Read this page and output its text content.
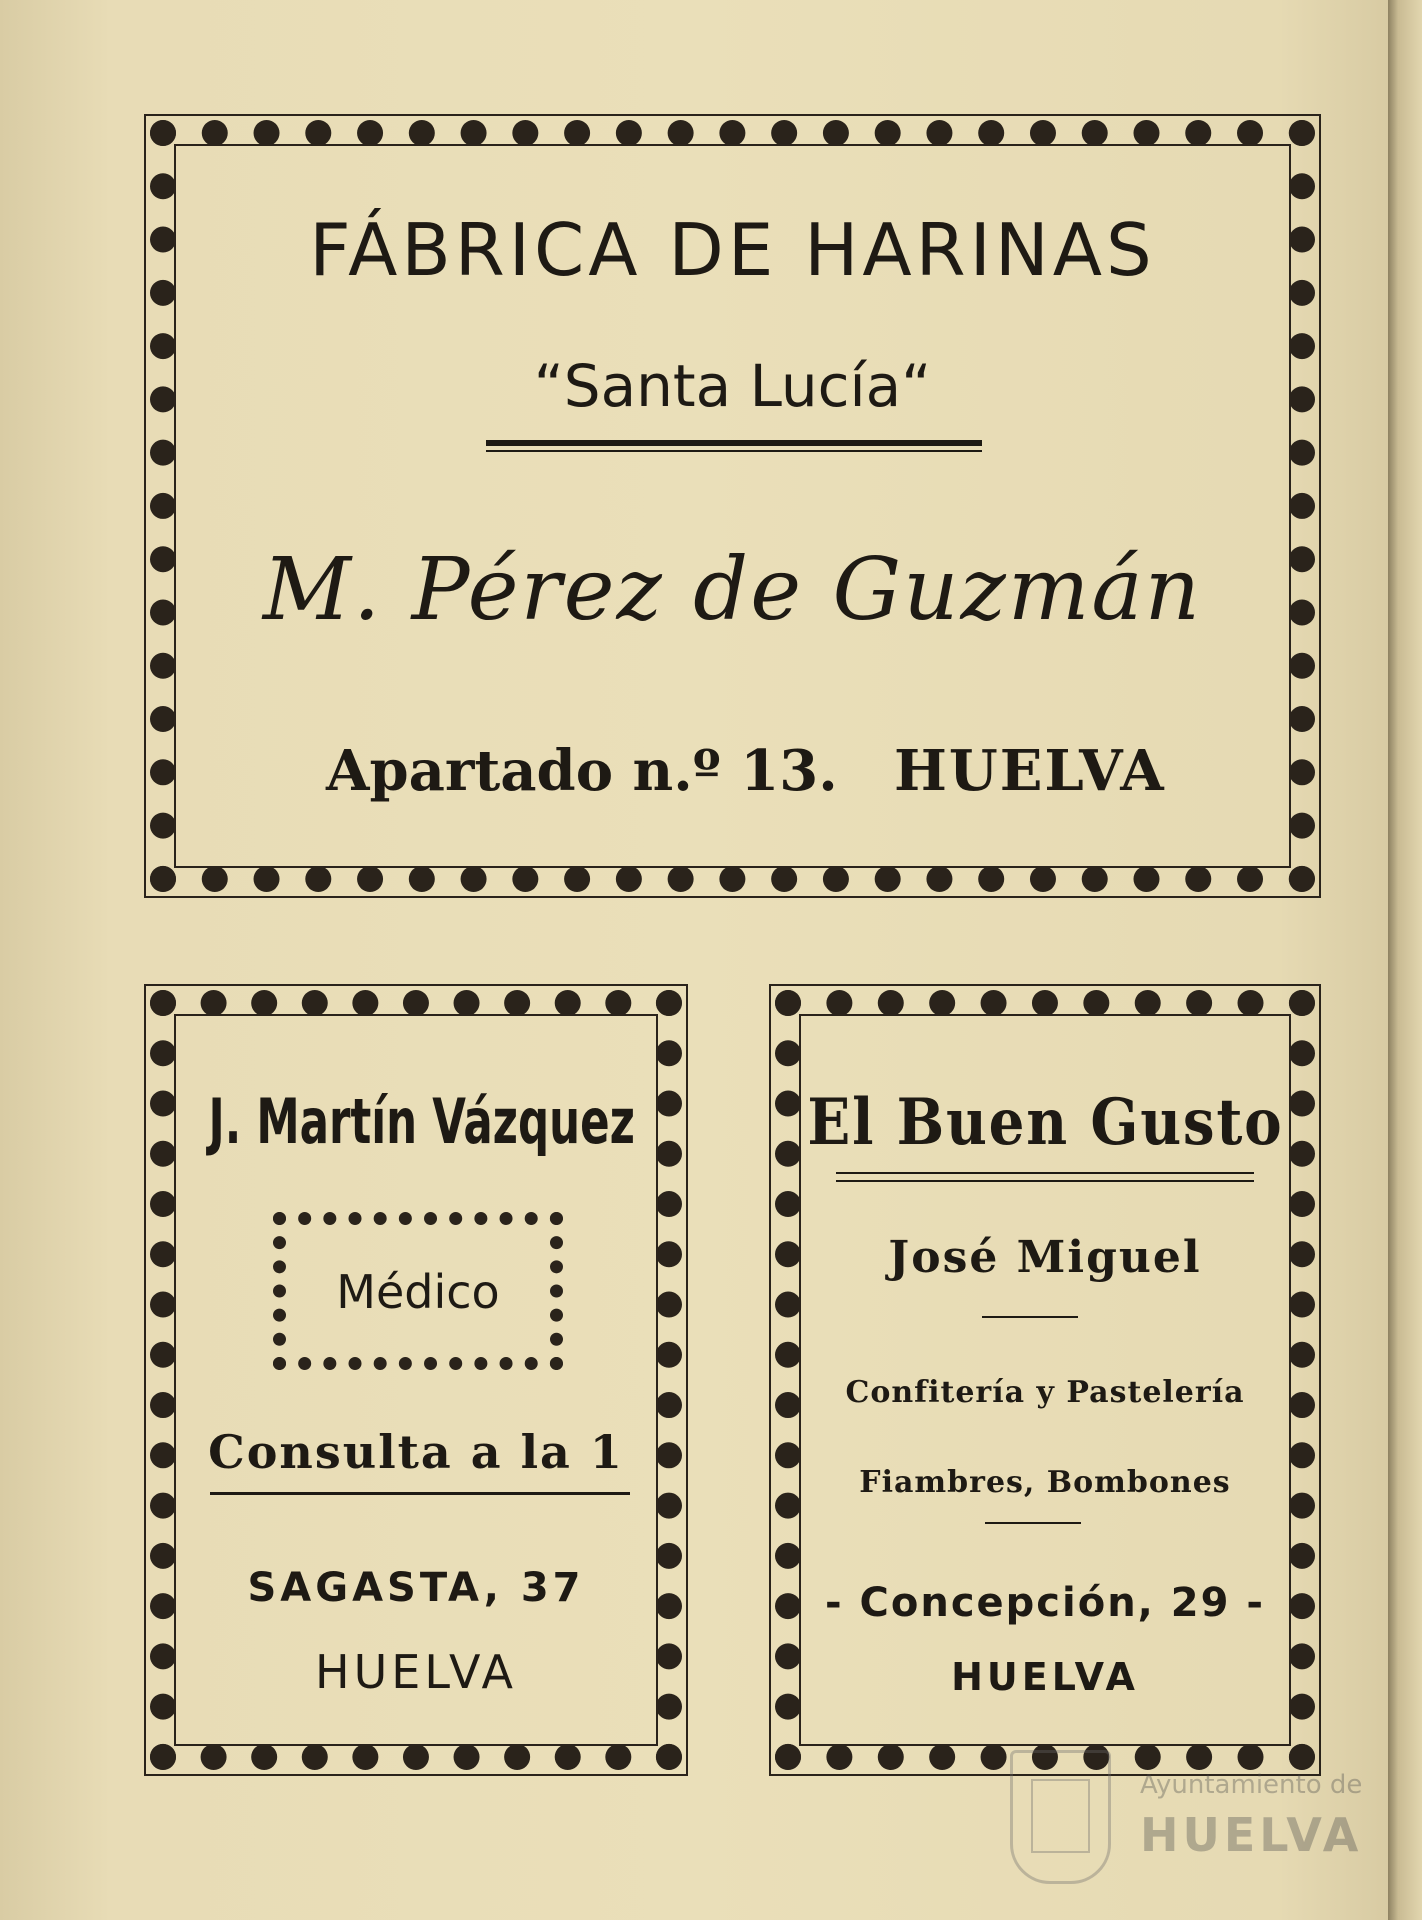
FÁBRICA DE HARINAS
“Santa Lucía“
M. Pérez de Guzmán
Apartado n.º 13. HUELVA
J. Martín Vázquez
Médico
Consulta a la 1
SAGASTA, 37
HUELVA
El Buen Gusto
José Miguel
Confitería y Pastelería
Fiambres, Bombones
- Concepción, 29 -
HUELVA
Ayuntamiento de
HUELVA
